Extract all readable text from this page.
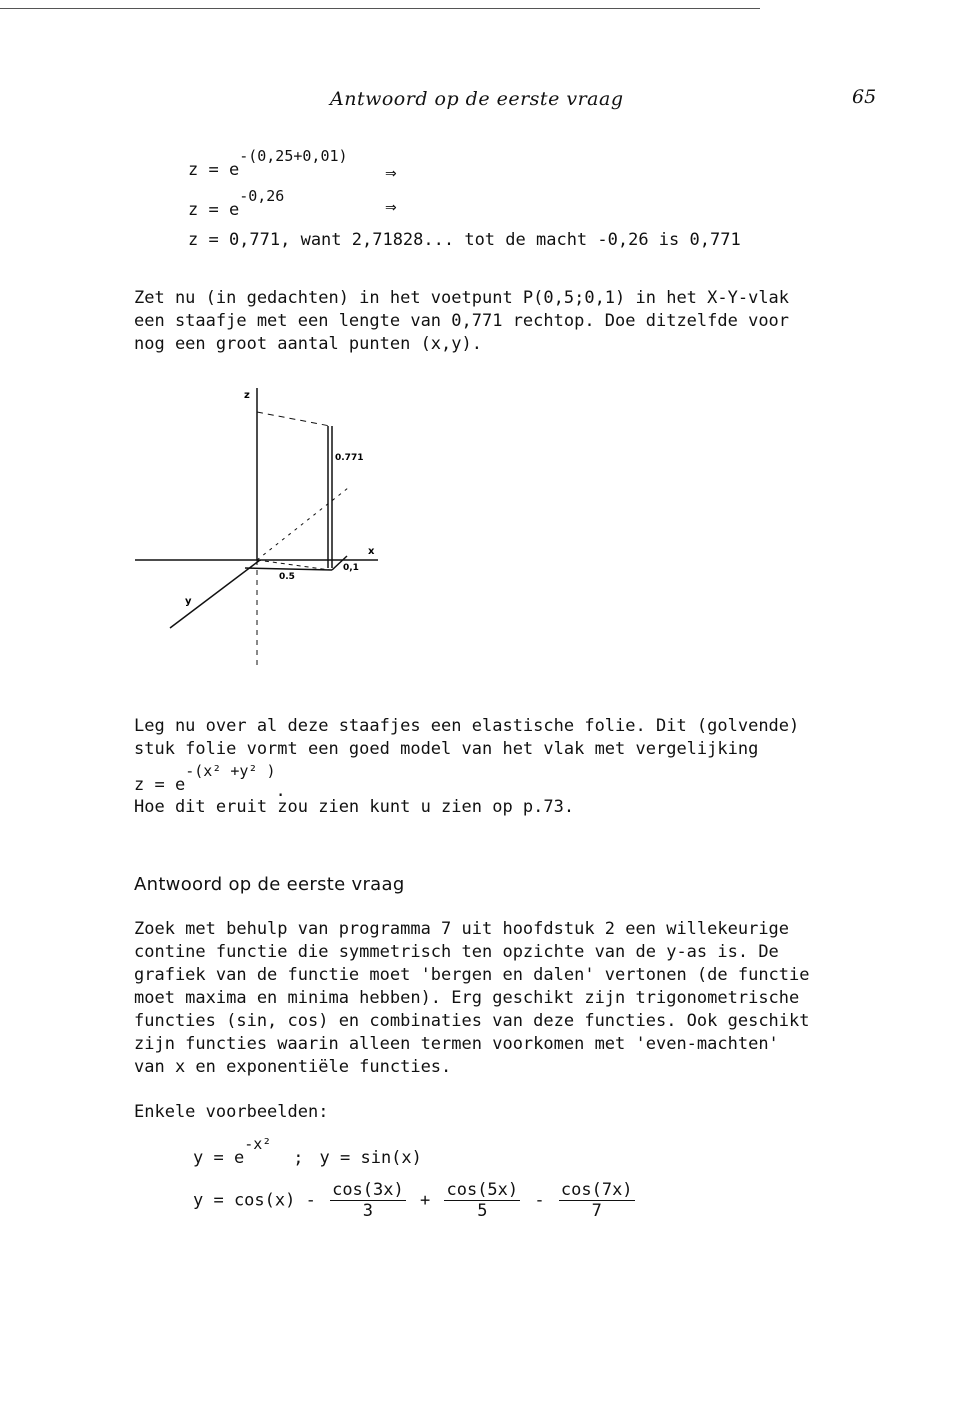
Antwoord op de eerste vraag	65
$z = e^{-(0,25+0,01)}$
⇒
$z = e^{-0,26}$
⇒
z = 0,771, want 2,71828... tot de macht -0,26 is 0,771
Zet nu (in gedachten) in het voetpunt P(0,5;0,1) in het X-Y-vlak
een staafje met een lengte van 0,771 rechtop. Doe ditzelfde voor
nog een groot aantal punten (x,y).
z
x
y
0.771
0.5
0,1
Leg nu over al deze staafjes een elastische folie. Dit (golvende)
stuk folie vormt een goed model van het vlak met vergelijking
$z = e^{-(x^2 +y^2 )}$.
Hoe dit eruit zou zien kunt u zien op p.73.
Antwoord op de eerste vraag
Zoek met behulp van programma 7 uit hoofdstuk 2 een willekeurige
contine functie die symmetrisch ten opzichte van de y-as is. De
grafiek van de functie moet 'bergen en dalen' vertonen (de functie
moet maxima en minima hebben). Erg geschikt zijn trigonometrische
functies (sin, cos) en combinaties van deze functies. Ook geschikt
zijn functies waarin alleen termen voorkomen met 'even-machten'
van x en exponentiële functies.
Enkele voorbeelden:
$y = e^{-x^2}$; y = sin(x)
$y = \cos(x) - \frac{\cos(3x)}{3} + \frac{\cos(5x)}{5} - \frac{\cos(7x)}{7}$
